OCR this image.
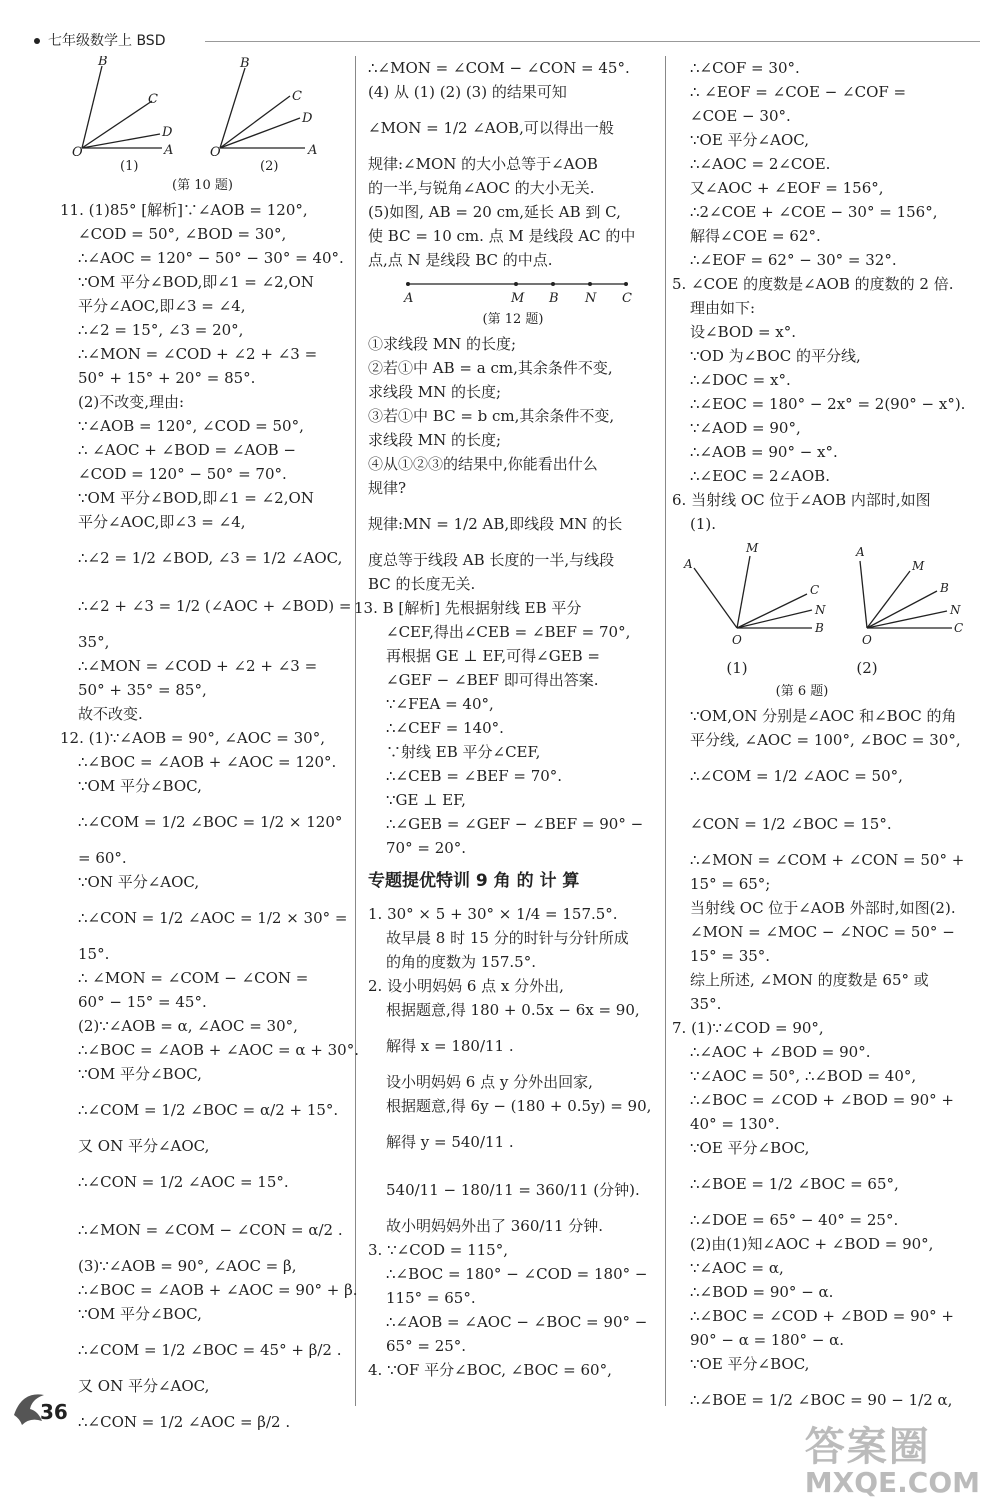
七年级数学上 BSD
B
C
D
O	A
B
C
D
O	A
(1)	(2)
(第 10 题)
11. (1)85° [解析]∵∠AOB = 120°,
∠COD = 50°, ∠BOD = 30°,
∴∠AOC = 120° − 50° − 30° = 40°.
∵OM 平分∠BOD,即∠1 = ∠2,ON
平分∠AOC,即∠3 = ∠4,
∴∠2 = 15°, ∠3 = 20°,
∴∠MON = ∠COD + ∠2 + ∠3 =
50° + 15° + 20° = 85°.
(2)不改变,理由:
∵∠AOB = 120°, ∠COD = 50°,
∴ ∠AOC + ∠BOD = ∠AOB −
∠COD = 120° − 50° = 70°.
∵OM 平分∠BOD,即∠1 = ∠2,ON
平分∠AOC,即∠3 = ∠4,
∴∠2 = 1/2 ∠BOD, ∠3 = 1/2 ∠AOC,
∴∠2 + ∠3 = 1/2 (∠AOC + ∠BOD) =
35°,
∴∠MON = ∠COD + ∠2 + ∠3 =
50° + 35° = 85°,
故不改变.
12. (1)∵∠AOB = 90°, ∠AOC = 30°,
∴∠BOC = ∠AOB + ∠AOC = 120°.
∵OM 平分∠BOC,
∴∠COM = 1/2 ∠BOC = 1/2 × 120°
= 60°.
∵ON 平分∠AOC,
∴∠CON = 1/2 ∠AOC = 1/2 × 30° =
15°.
∴ ∠MON = ∠COM − ∠CON =
60° − 15° = 45°.
(2)∵∠AOB = α, ∠AOC = 30°,
∴∠BOC = ∠AOB + ∠AOC = α + 30°.
∵OM 平分∠BOC,
∴∠COM = 1/2 ∠BOC = α/2 + 15°.
又 ON 平分∠AOC,
∴∠CON = 1/2 ∠AOC = 15°.
∴∠MON = ∠COM − ∠CON = α/2 .
(3)∵∠AOB = 90°, ∠AOC = β,
∴∠BOC = ∠AOB + ∠AOC = 90° + β.
∵OM 平分∠BOC,
∴∠COM = 1/2 ∠BOC = 45° + β/2 .
又 ON 平分∠AOC,
∴∠CON = 1/2 ∠AOC = β/2 .
∴∠MON = ∠COM − ∠CON = 45°.
(4) 从 (1) (2) (3) 的结果可知
∠MON = 1/2 ∠AOB,可以得出一般
规律:∠MON 的大小总等于∠AOB
的一半,与锐角∠AOC 的大小无关.
(5)如图, AB = 20 cm,延长 AB 到 C,
使 BC = 10 cm. 点 M 是线段 AC 的中
点,点 N 是线段 BC 的中点.
A	M B N C
(第 12 题)
①求线段 MN 的长度;
②若①中 AB = a cm,其余条件不变,
求线段 MN 的长度;
③若①中 BC = b cm,其余条件不变,
求线段 MN 的长度;
④从①②③的结果中,你能看出什么
规律?
规律:MN = 1/2 AB,即线段 MN 的长
度总等于线段 AB 长度的一半,与线段
BC 的长度无关.
13. B [解析] 先根据射线 EB 平分
∠CEF,得出∠CEB = ∠BEF = 70°,
再根据 GE ⊥ EF,可得∠GEB =
∠GEF − ∠BEF 即可得出答案.
∵∠FEA = 40°,
∴∠CEF = 140°.
∵射线 EB 平分∠CEF,
∴∠CEB = ∠BEF = 70°.
∵GE ⊥ EF,
∴∠GEB = ∠GEF − ∠BEF = 90° −
70° = 20°.
专题提优特训 9 角 的 计 算
1. 30° × 5 + 30° × 1/4 = 157.5°.
故早晨 8 时 15 分的时针与分针所成
的角的度数为 157.5°.
2. 设小明妈妈 6 点 x 分外出,
根据题意,得 180 + 0.5x − 6x = 90,
解得 x = 180/11 .
设小明妈妈 6 点 y 分外出回家,
根据题意,得 6y − (180 + 0.5y) = 90,
解得 y = 540/11 .
540/11 − 180/11 = 360/11 (分钟).
故小明妈妈外出了 360/11 分钟.
3. ∵∠COD = 115°,
∴∠BOC = 180° − ∠COD = 180° −
115° = 65°.
∴∠AOB = ∠AOC − ∠BOC = 90° −
65° = 25°.
4. ∵OF 平分∠BOC, ∠BOC = 60°,
∴∠COF = 30°.
∴ ∠EOF = ∠COE − ∠COF =
∠COE − 30°.
∵OE 平分∠AOC,
∴∠AOC = 2∠COE.
又∠AOC + ∠EOF = 156°,
∴2∠COE + ∠COE − 30° = 156°,
解得∠COE = 62°.
∴∠EOF = 62° − 30° = 32°.
5. ∠COE 的度数是∠AOB 的度数的 2 倍.
理由如下:
设∠BOD = x°.
∵OD 为∠BOC 的平分线,
∴∠DOC = x°.
∴∠EOC = 180° − 2x° = 2(90° − x°).
∵∠AOD = 90°,
∴∠AOB = 90° − x°.
∴∠EOC = 2∠AOB.
6. 当射线 OC 位于∠AOB 内部时,如图
(1).
A
M
C
N
B
O
A
M
B
N
C
O
(1)	(2)
(第 6 题)
∵OM,ON 分别是∠AOC 和∠BOC 的角
平分线, ∠AOC = 100°, ∠BOC = 30°,
∴∠COM = 1/2 ∠AOC = 50°,
∠CON = 1/2 ∠BOC = 15°.
∴∠MON = ∠COM + ∠CON = 50° +
15° = 65°;
当射线 OC 位于∠AOB 外部时,如图(2).
∠MON = ∠MOC − ∠NOC = 50° −
15° = 35°.
综上所述, ∠MON 的度数是 65° 或
35°.
7. (1)∵∠COD = 90°,
∴∠AOC + ∠BOD = 90°.
∵∠AOC = 50°, ∴∠BOD = 40°,
∴∠BOC = ∠COD + ∠BOD = 90° +
40° = 130°.
∵OE 平分∠BOC,
∴∠BOE = 1/2 ∠BOC = 65°,
∴∠DOE = 65° − 40° = 25°.
(2)由(1)知∠AOC + ∠BOD = 90°,
∵∠AOC = α,
∴∠BOD = 90° − α.
∴∠BOC = ∠COD + ∠BOD = 90° +
90° − α = 180° − α.
∵OE 平分∠BOC,
∴∠BOE = 1/2 ∠BOC = 90 − 1/2 α,
36
答案圈
MXQE.COM
